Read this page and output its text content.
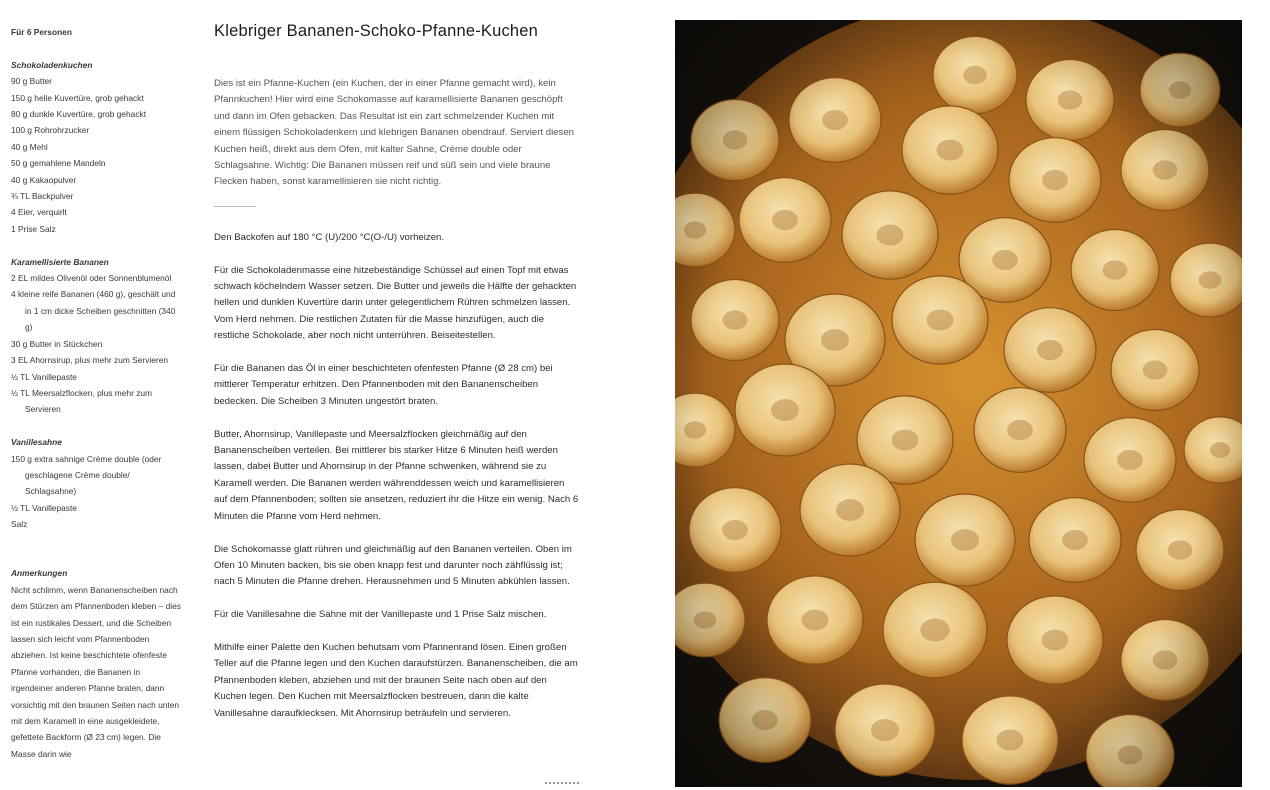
Für 6 Personen
Schokoladenkuchen
90 g Butter
150 g helle Kuvertüre, grob gehackt
80 g dunkle Kuvertüre, grob gehackt
100 g Rohrohrzucker
40 g Mehl
50 g gemahlene Mandeln
40 g Kakaopulver
¾ TL Backpulver
4 Eier, verquirlt
1 Prise Salz
Karamellisierte Bananen
2 EL mildes Olivenöl oder Sonnenblumenöl
4 kleine reife Bananen (460 g), geschält und in 1 cm dicke Scheiben geschnitten (340 g)
30 g Butter in Stückchen
3 EL Ahornsirup, plus mehr zum Servieren
½ TL Vanillepaste
½ TL Meersalzflocken, plus mehr zum Servieren
Vanillesahne
150 g extra sahnige Crème double (oder geschlagene Crème double/ Schlagsahne)
½ TL Vanillepaste
Salz
Anmerkungen

Nicht schlimm, wenn Bananenscheiben nach dem Stürzen am Pfannenboden kleben – dies ist ein rustikales Dessert, und die Scheiben lassen sich leicht vom Pfannenboden abziehen. Ist keine beschichtete ofenfeste Pfanne vorhanden, die Bananen in irgendeiner anderen Pfanne braten, dann vorsichtig mit den braunen Seiten nach unten mit dem Karamell in eine ausgekleidete, gefettete Backform (Ø 23 cm) legen. Die Masse darin wie

Klebriger Bananen-Schoko-Pfanne-Kuchen

Dies ist ein Pfanne-Kuchen (ein Kuchen, der in einer Pfanne gemacht wird), kein Pfannkuchen! Hier wird eine Schokomasse auf karamellisierte Bananen geschöpft und dann im Ofen gebacken. Das Resultat ist ein zart schmelzender Kuchen mit einem flüssigen Schokoladenkern und klebrigen Bananen obendrauf. Serviert diesen Kuchen heiß, direkt aus dem Ofen, mit kalter Sahne, Crème double oder Schlagsahne. Wichtig: Die Bananen müssen reif und süß sein und viele braune Flecken haben, sonst karamellisieren sie nicht richtig.

Den Backofen auf 180 °C (U)/200 °C(O-/U) vorheizen.

Für die Schokoladenmasse eine hitzebeständige Schüssel auf einen Topf mit etwas schwach köchelndem Wasser setzen. Die Butter und jeweils die Hälfte der gehackten hellen und dunklen Kuvertüre darin unter gelegentlichem Rühren schmelzen lassen. Vom Herd nehmen. Die restlichen Zutaten für die Masse hinzufügen, auch die restliche Schokolade, aber noch nicht unterrühren. Beiseitestellen.

Für die Bananen das Öl in einer beschichteten ofenfesten Pfanne (Ø 28 cm) bei mittlerer Temperatur erhitzen. Den Pfannenboden mit den Bananenscheiben bedecken. Die Scheiben 3 Minuten ungestört braten.

Butter, Ahornsirup, Vanillepaste und Meersalzflocken gleichmäßig auf den Bananenscheiben verteilen. Bei mittlerer bis starker Hitze 6 Minuten heiß werden lassen, dabei Butter und Ahornsirup in der Pfanne schwenken, während sie zu Karamell werden. Die Bananen werden währenddessen weich und karamellisieren auf dem Pfannenboden; sollten sie ansetzen, reduziert ihr die Hitze ein wenig. Nach 6 Minuten die Pfanne vom Herd nehmen.

Die Schokomasse glatt rühren und gleichmäßig auf den Bananen verteilen. Oben im Ofen 10 Minuten backen, bis sie oben knapp fest und darunter noch zähflüssig ist; nach 5 Minuten die Pfanne drehen. Herausnehmen und 5 Minuten abkühlen lassen.

Für die Vanillesahne die Sahne mit der Vanillepaste und 1 Prise Salz mischen.

Mithilfe einer Palette den Kuchen behutsam vom Pfannenrand lösen. Einen großen Teller auf die Pfanne legen und den Kuchen daraufstürzen. Bananenscheiben, die am Pfannenboden kleben, abziehen und mit der braunen Seite nach oben auf den Kuchen legen. Den Kuchen mit Meersalzflocken bestreuen, dann die kalte Vanillesahne daraufklecksen. Mit Ahornsirup beträufeln und servieren.
